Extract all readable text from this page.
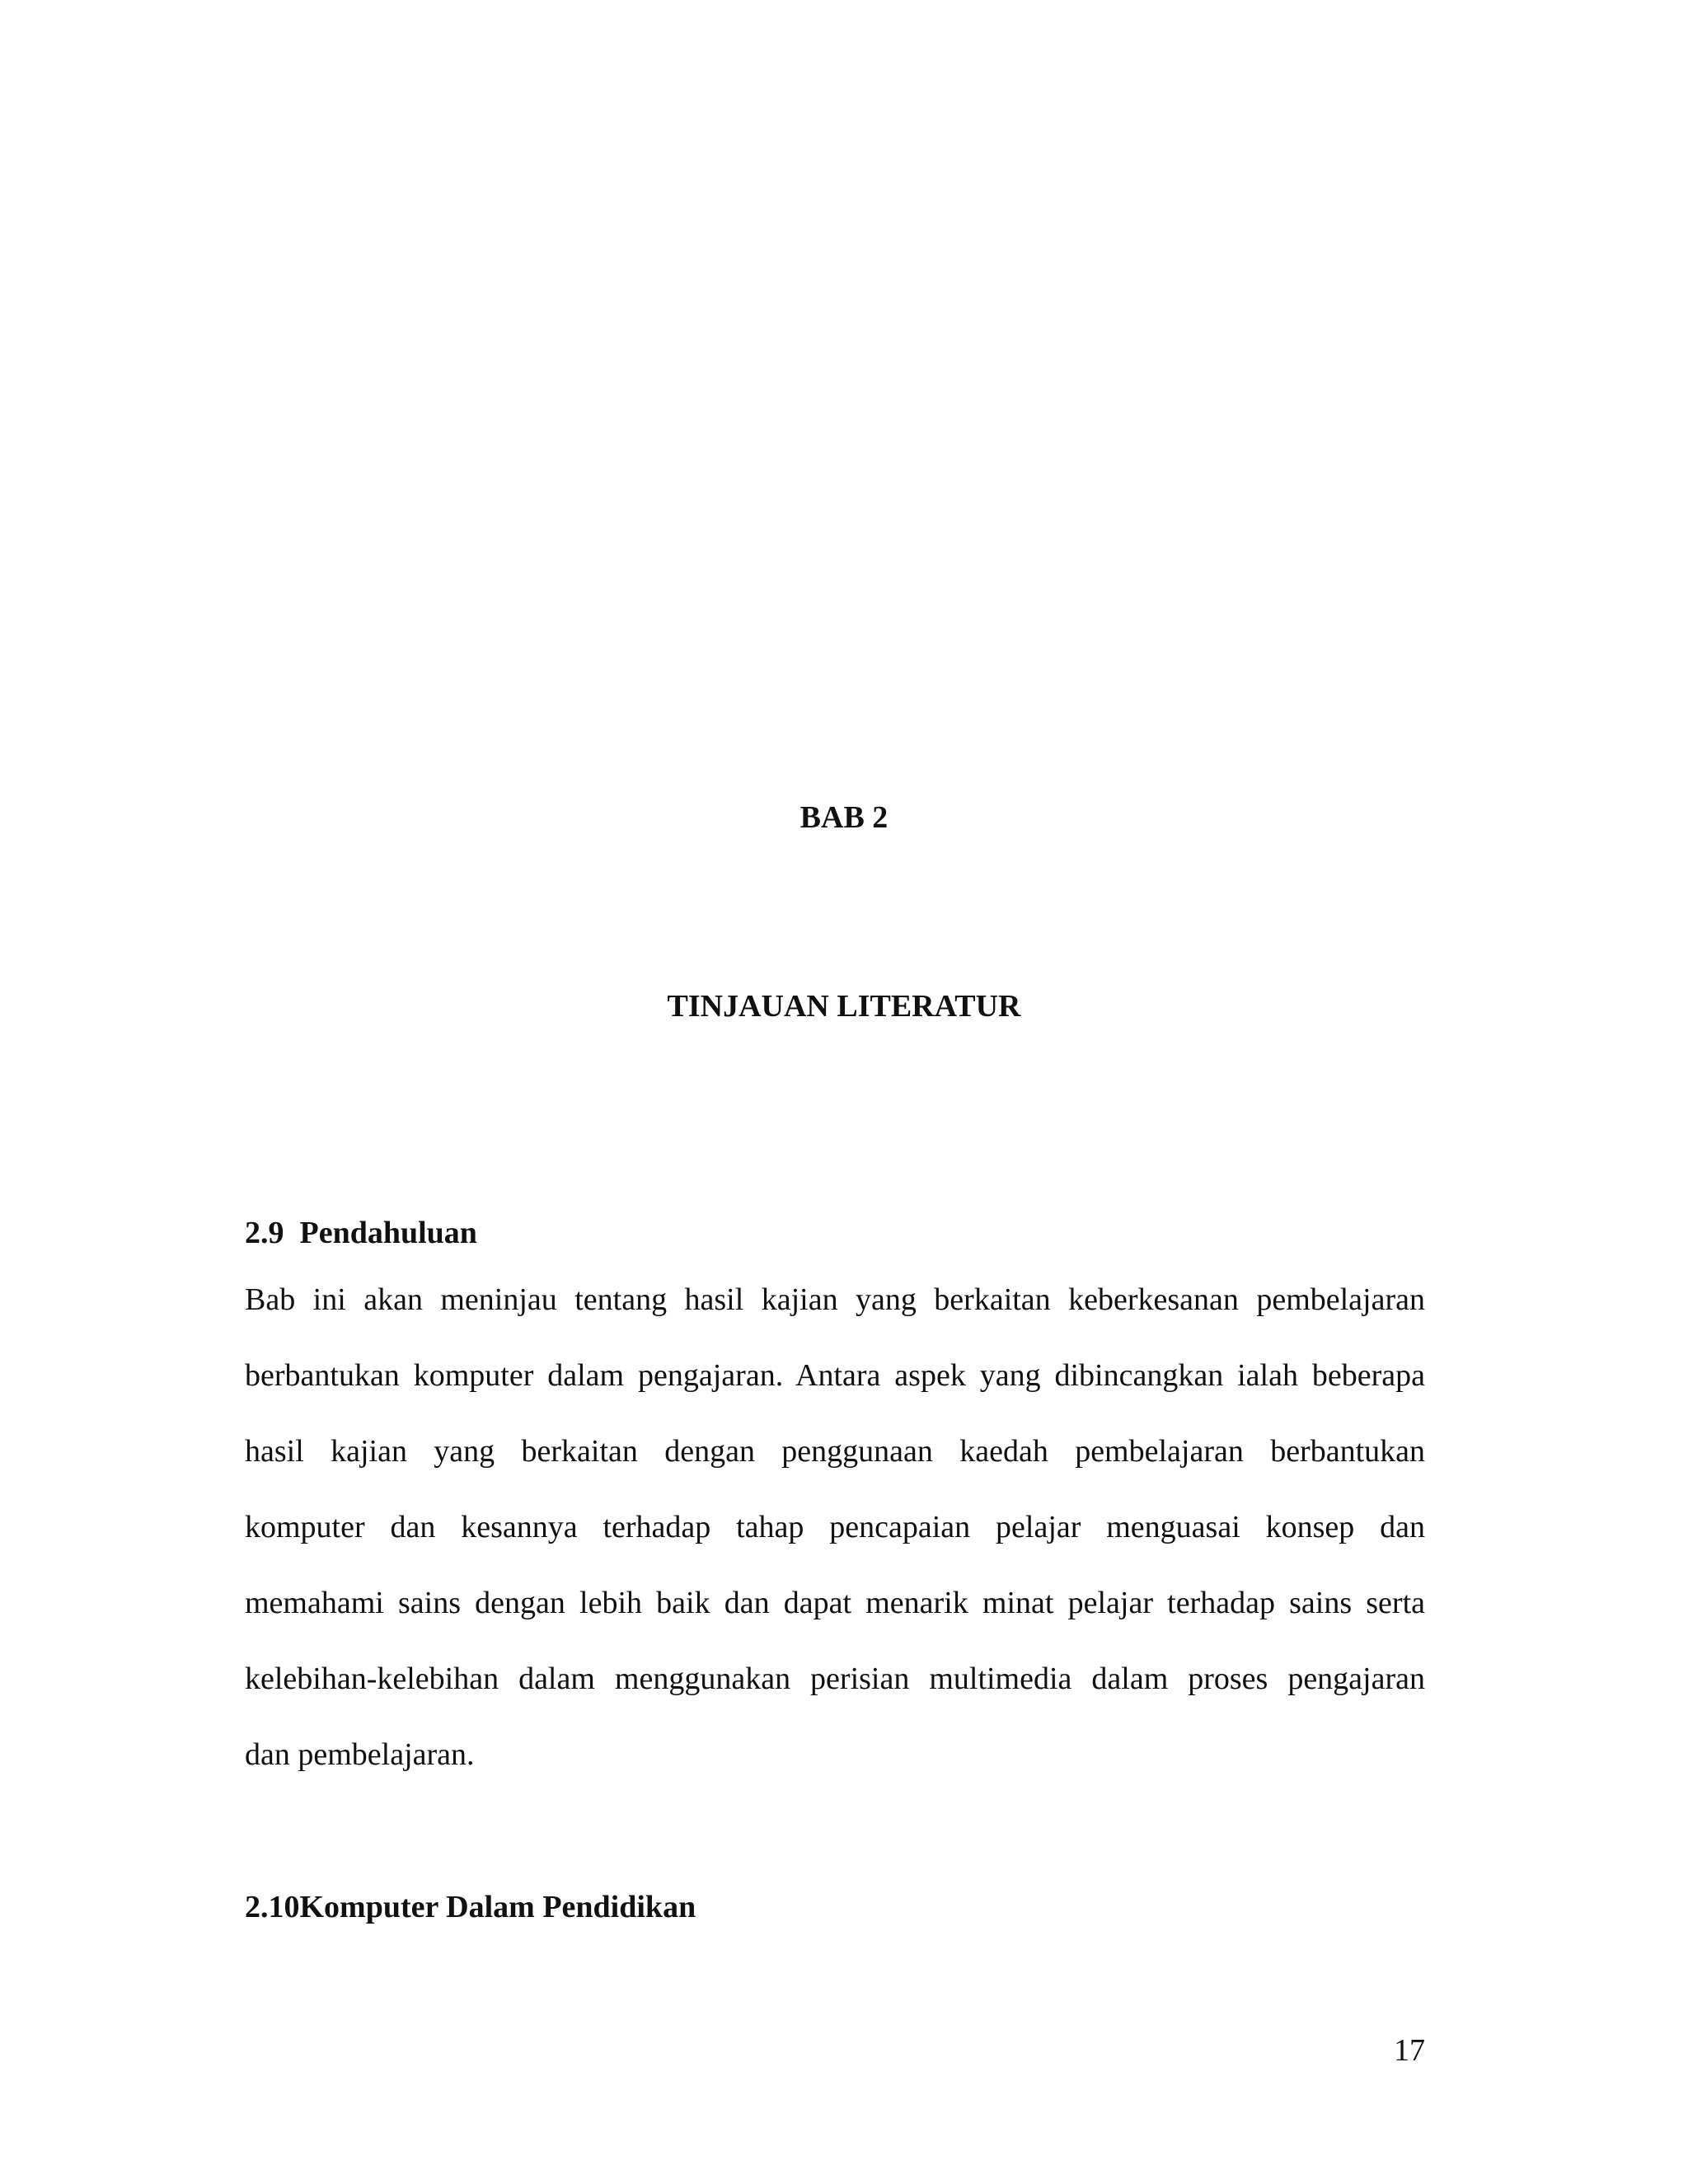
BAB 2
TINJAUAN LITERATUR
2.9  Pendahuluan
Bab ini akan meninjau tentang hasil kajian yang berkaitan keberkesanan pembelajaran
berbantukan komputer dalam pengajaran. Antara aspek yang dibincangkan ialah beberapa
hasil kajian yang berkaitan dengan penggunaan kaedah pembelajaran berbantukan
komputer dan kesannya terhadap tahap pencapaian pelajar menguasai konsep dan
memahami sains dengan lebih baik dan dapat menarik minat pelajar terhadap sains serta
kelebihan-kelebihan dalam menggunakan perisian multimedia dalam proses pengajaran
dan pembelajaran.
2.10Komputer Dalam Pendidikan
17
